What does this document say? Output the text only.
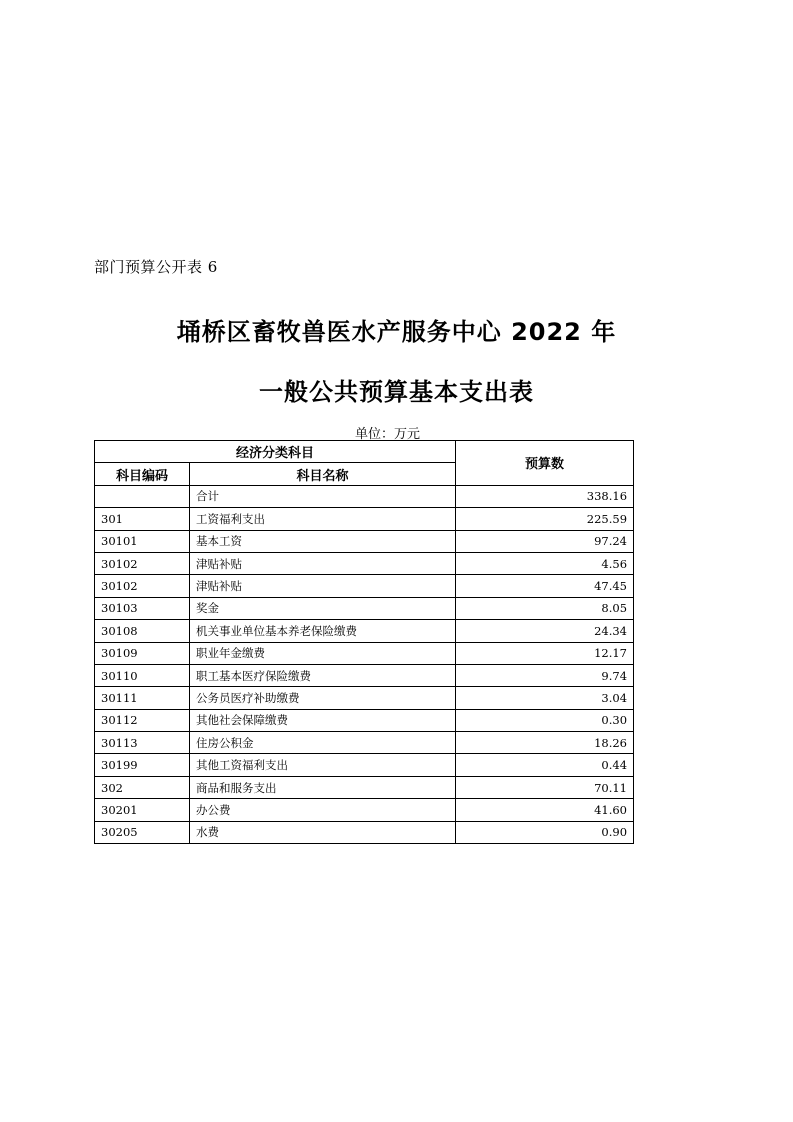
部门预算公开表 6
埇桥区畜牧兽医水产服务中心 2022 年
一般公共预算基本支出表
单位：万元
经济分类科目		预算数
科目编码	科目名称	
	合计	338.16
301	工资福利支出	225.59
30101	基本工资	97.24
30102	津贴补贴	4.56
30102	津贴补贴	47.45
30103	奖金	8.05
30108	机关事业单位基本养老保险缴费	24.34
30109	职业年金缴费	12.17
30110	职工基本医疗保险缴费	9.74
30111	公务员医疗补助缴费	3.04
30112	其他社会保障缴费	0.30
30113	住房公积金	18.26
30199	其他工资福利支出	0.44
302	商品和服务支出	70.11
30201	办公费	41.60
30205	水费	0.90
